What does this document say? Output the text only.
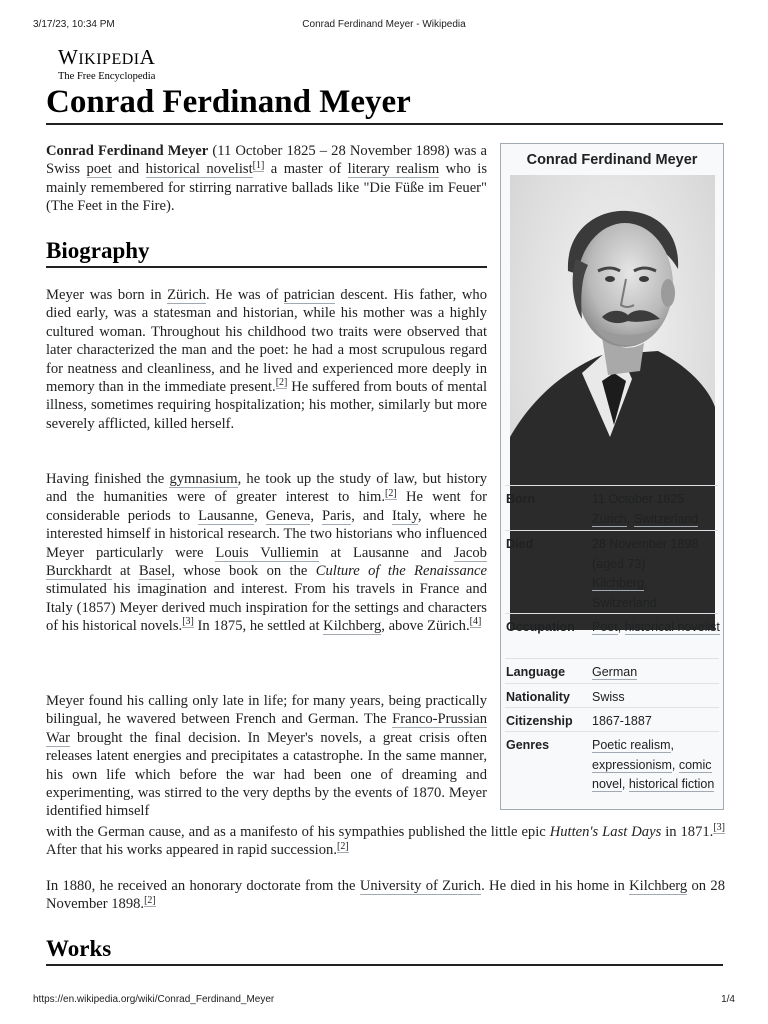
3/17/23, 10:34 PM	Conrad Ferdinand Meyer - Wikipedia
WIKIPEDIA
The Free Encyclopedia
Conrad Ferdinand Meyer

Conrad Ferdinand Meyer (11 October 1825 – 28 November 1898) was a Swiss poet and historical novelist[1] a master of literary realism who is mainly remembered for stirring narrative ballads like "Die Füße im Feuer" (The Feet in the Fire).

Biography

Meyer was born in Zürich. He was of patrician descent. His father, who died early, was a statesman and historian, while his mother was a highly cultured woman. Throughout his childhood two traits were observed that later characterized the man and the poet: he had a most scrupulous regard for neatness and cleanliness, and he lived and experienced more deeply in memory than in the immediate present.[2] He suffered from bouts of mental illness, sometimes requiring hospitalization; his mother, similarly but more severely afflicted, killed herself.

Having finished the gymnasium, he took up the study of law, but history and the humanities were of greater interest to him.[2] He went for considerable periods to Lausanne, Geneva, Paris, and Italy, where he interested himself in historical research. The two historians who influenced Meyer particularly were Louis Vulliemin at Lausanne and Jacob Burckhardt at Basel, whose book on the Culture of the Renaissance stimulated his imagination and interest. From his travels in France and Italy (1857) Meyer derived much inspiration for the settings and characters of his historical novels.[3] In 1875, he settled at Kilchberg, above Zürich.[4]

Meyer found his calling only late in life; for many years, being practically bilingual, he wavered between French and German. The Franco-Prussian War brought the final decision. In Meyer's novels, a great crisis often releases latent energies and precipitates a catastrophe. In the same manner, his own life which before the war had been one of dreaming and experimenting, was stirred to the very depths by the events of 1870. Meyer identified himself

with the German cause, and as a manifesto of his sympathies published the little epic Hutten's Last Days in 1871.[3] After that his works appeared in rapid succession.[2]

In 1880, he received an honorary doctorate from the University of Zurich. He died in his home in Kilchberg on 28 November 1898.[2]

Works
Conrad Ferdinand Meyer
Born	11 October 1825
Zürich, Switzerland
Died	28 November 1898
(aged 73)
Kilchberg,
Switzerland
Occupation Poet, historical novelist
Language German
Nationality Swiss
Citizenship 1867-1887
Genres	Poetic realism, expressionism, comic novel, historical fiction
https://en.wikipedia.org/wiki/Conrad_Ferdinand_Meyer	1/4
